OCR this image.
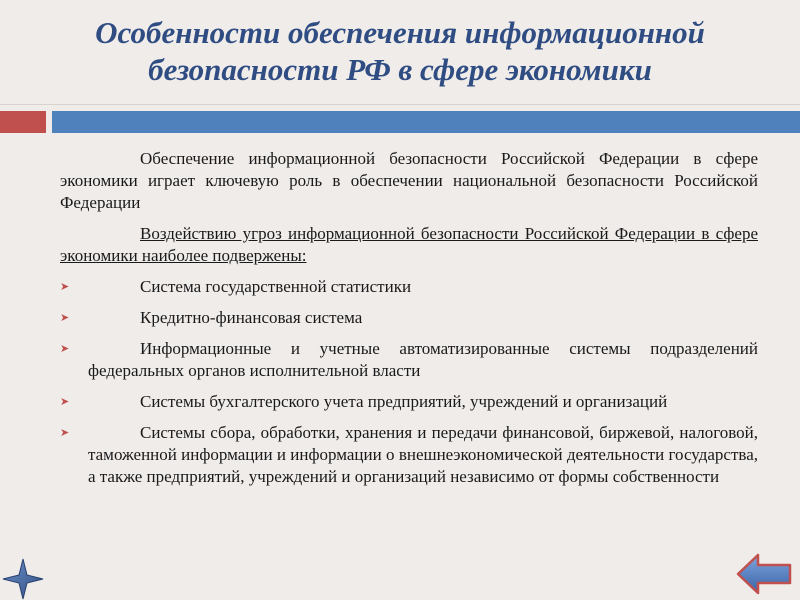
Особенности обеспечения информационной
безопасности РФ в сфере экономики

Обеспечение информационной безопасности Российской Федерации в сфере экономики играет ключевую роль в обеспечении национальной безопасности Российской Федерации

Воздействию угроз информационной безопасности Российской Федерации в сфере экономики наиболее подвержены:

➤	Система государственной статистики
➤	Кредитно-финансовая система
➤	Информационные и учетные автоматизированные системы подразделений федеральных органов исполнительной власти
➤	Системы бухгалтерского учета предприятий, учреждений и организаций
➤	Системы сбора, обработки, хранения и передачи финансовой, биржевой, налоговой, таможенной информации и информации о внешнеэкономической деятельности государства, а также предприятий, учреждений и организаций независимо от формы собственности
